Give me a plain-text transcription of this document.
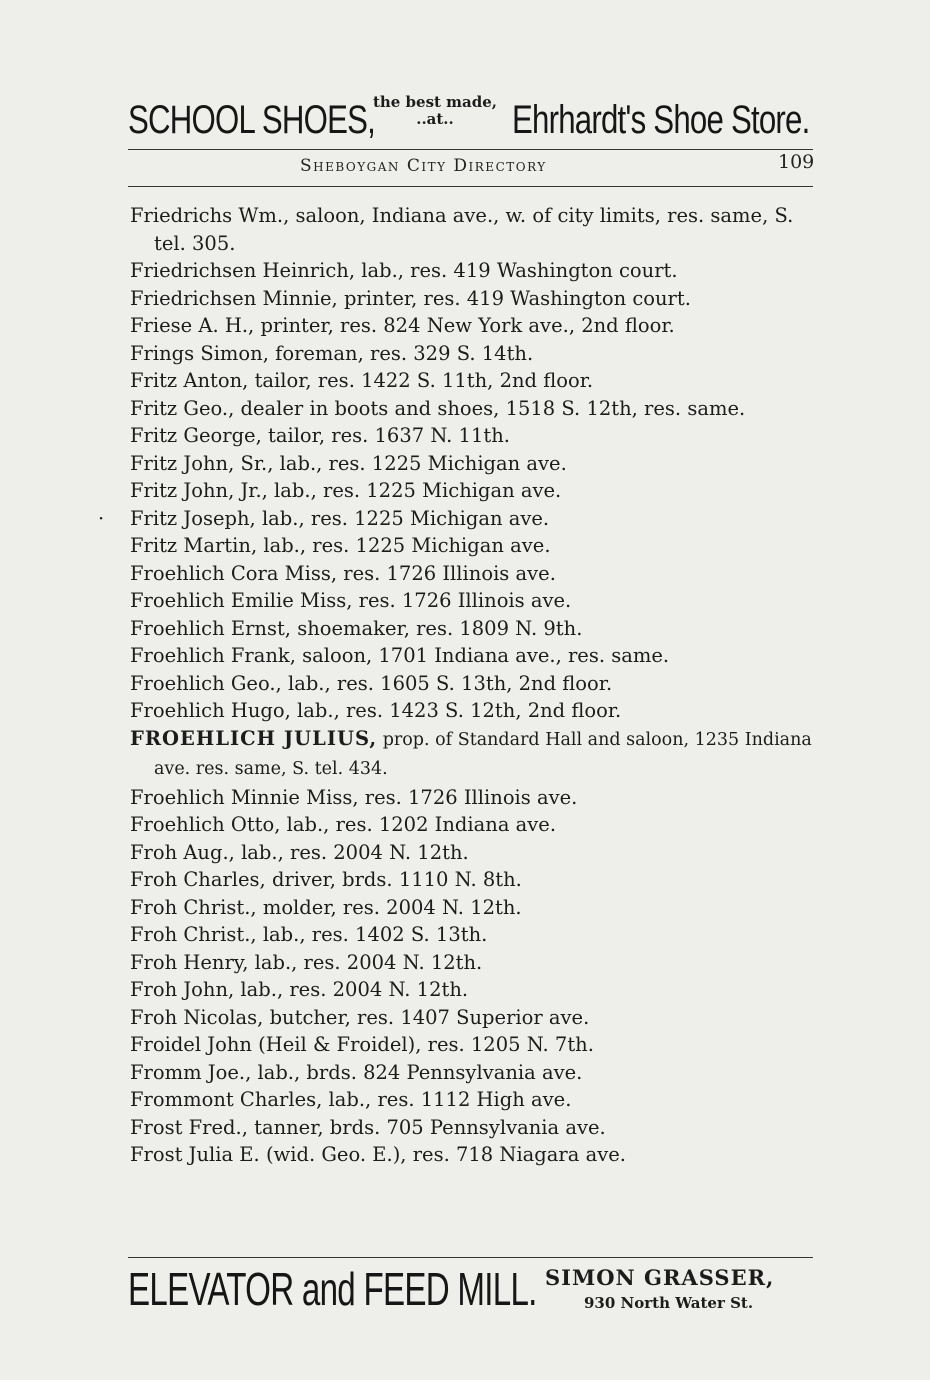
SCHOOL SHOES,
the best made,
..at..	Ehrhardt's Shoe Store.
Sheboygan City Directory	109
Friedrichs Wm., saloon, Indiana ave., w. of city limits, res. same, S. tel. 305.
Friedrichsen Heinrich, lab., res. 419 Washington court.
Friedrichsen Minnie, printer, res. 419 Washington court.
Friese A. H., printer, res. 824 New York ave., 2nd floor.
Frings Simon, foreman, res. 329 S. 14th.
Fritz Anton, tailor, res. 1422 S. 11th, 2nd floor.
Fritz Geo., dealer in boots and shoes, 1518 S. 12th, res. same.
Fritz George, tailor, res. 1637 N. 11th.
Fritz John, Sr., lab., res. 1225 Michigan ave.
Fritz John, Jr., lab., res. 1225 Michigan ave.
·	Fritz Joseph, lab., res. 1225 Michigan ave.
Fritz Martin, lab., res. 1225 Michigan ave.
Froehlich Cora Miss, res. 1726 Illinois ave.
Froehlich Emilie Miss, res. 1726 Illinois ave.
Froehlich Ernst, shoemaker, res. 1809 N. 9th.
Froehlich Frank, saloon, 1701 Indiana ave., res. same.
Froehlich Geo., lab., res. 1605 S. 13th, 2nd floor.
Froehlich Hugo, lab., res. 1423 S. 12th, 2nd floor.
FROEHLICH JULIUS, prop. of Standard Hall and saloon, 1235 Indiana ave. res. same, S. tel. 434.
Froehlich Minnie Miss, res. 1726 Illinois ave.
Froehlich Otto, lab., res. 1202 Indiana ave.
Froh Aug., lab., res. 2004 N. 12th.
Froh Charles, driver, brds. 1110 N. 8th.
Froh Christ., molder, res. 2004 N. 12th.
Froh Christ., lab., res. 1402 S. 13th.
Froh Henry, lab., res. 2004 N. 12th.
Froh John, lab., res. 2004 N. 12th.
Froh Nicolas, butcher, res. 1407 Superior ave.
Froidel John (Heil & Froidel), res. 1205 N. 7th.
Fromm Joe., lab., brds. 824 Pennsylvania ave.
Frommont Charles, lab., res. 1112 High ave.
Frost Fred., tanner, brds. 705 Pennsylvania ave.
Frost Julia E. (wid. Geo. E.), res. 718 Niagara ave.
ELEVATOR and FEED MILL. SIMON GRASSER,
930 North Water St.
